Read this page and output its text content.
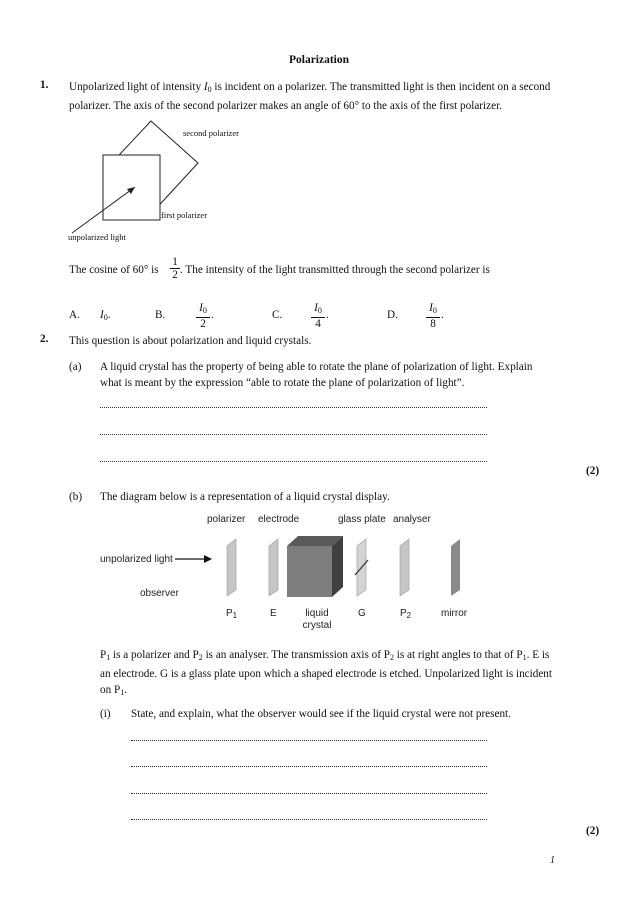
Polarization
1. Unpolarized light of intensity $I_0$ is incident on a polarizer. The transmitted light is then incident on a second
polarizer. The axis of the second polarizer makes an angle of 60° to the axis of the first polarizer.
second polarizer
first polarizer
unpolarized light
The cosine of 60° is
1
2 . The intensity of the light transmitted through the second polarizer is
A. $I_0$.	B.
$I_0$
2
.	C.
$I_0$
4
.	D.
$I_0$
8
.
2. This question is about polarization and liquid crystals.
(a) A liquid crystal has the property of being able to rotate the plane of polarization of light. Explain
what is meant by the expression “able to rotate the plane of polarization of light”.
(2)
(b) The diagram below is a representation of a liquid crystal display.
polarizer electrode	glass plate analyser
unpolarized light
observer
$P_1$	E	liquid
crystal
G	$P_2$	mirror
$P_1$ is a polarizer and $P_2$ is an analyser. The transmission axis of $P_2$ is at right angles to that of $P_1$. E is
an electrode. G is a glass plate upon which a shaped electrode is etched. Unpolarized light is incident
on $P_1$.
(i) State, and explain, what the observer would see if the liquid crystal were not present.
(2)
1
